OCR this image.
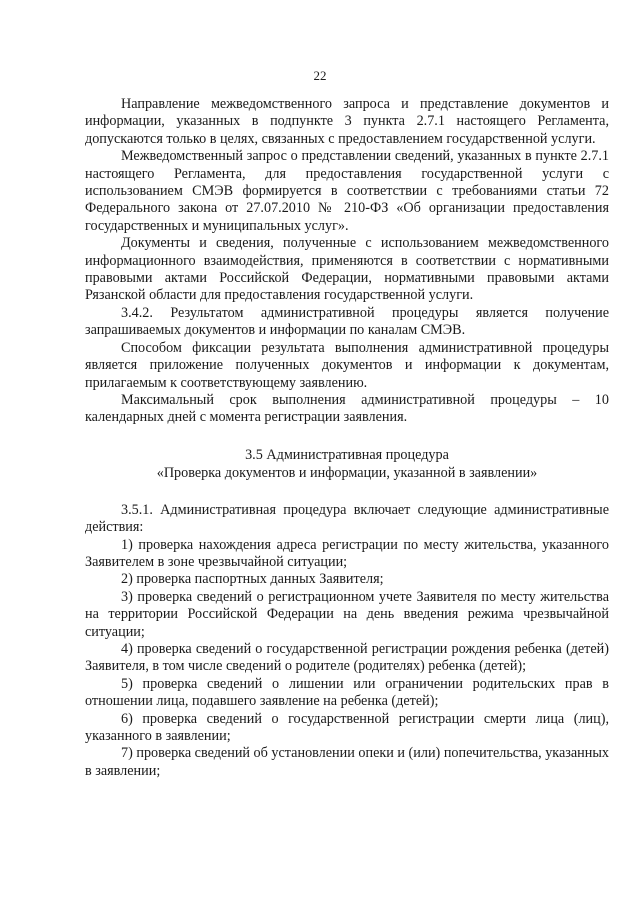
22

Направление межведомственного запроса и представление документов и информации, указанных в подпункте 3 пункта 2.7.1 настоящего Регламента, допускаются только в целях, связанных с предоставлением государственной услуги.

Межведомственный запрос о представлении сведений, указанных в пункте 2.7.1 настоящего Регламента, для предоставления государственной услуги с использованием СМЭВ формируется в соответствии с требованиями статьи 72 Федерального закона от 27.07.2010 № 210-ФЗ «Об организации предоставления государственных и муниципальных услуг».

Документы и сведения, полученные с использованием межведомственного информационного взаимодействия, применяются в соответствии с нормативными правовыми актами Российской Федерации, нормативными правовыми актами Рязанской области для предоставления государственной услуги.

3.4.2. Результатом административной процедуры является получение запрашиваемых документов и информации по каналам СМЭВ.

Способом фиксации результата выполнения административной процедуры является приложение полученных документов и информации к документам, прилагаемым к соответствующему заявлению.

Максимальный срок выполнения административной процедуры – 10 календарных дней с момента регистрации заявления.

3.5 Административная процедура
«Проверка документов и информации, указанной в заявлении»

3.5.1. Административная процедура включает следующие административные действия:

1) проверка нахождения адреса регистрации по месту жительства, указанного Заявителем в зоне чрезвычайной ситуации;

2) проверка паспортных данных Заявителя;

3) проверка сведений о регистрационном учете Заявителя по месту жительства на территории Российской Федерации на день введения режима чрезвычайной ситуации;

4) проверка сведений о государственной регистрации рождения ребенка (детей) Заявителя, в том числе сведений о родителе (родителях) ребенка (детей);

5) проверка сведений о лишении или ограничении родительских прав в отношении лица, подавшего заявление на ребенка (детей);

6) проверка сведений о государственной регистрации смерти лица (лиц), указанного в заявлении;

7) проверка сведений об установлении опеки и (или) попечительства, указанных в заявлении;
